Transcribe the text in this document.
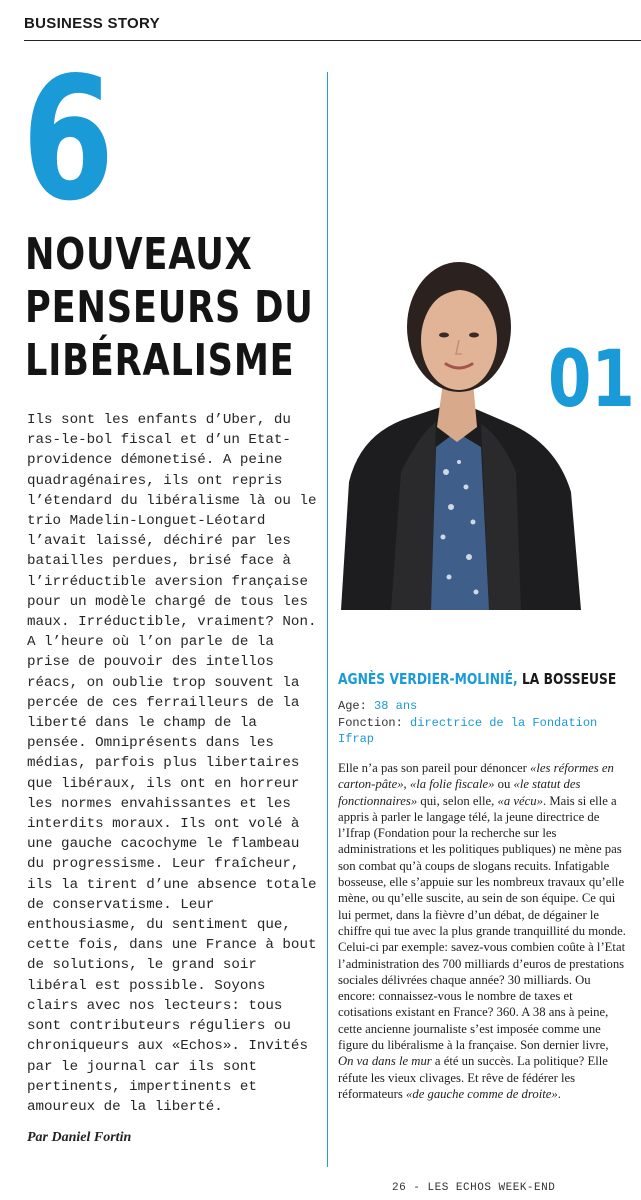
BUSINESS STORY
6
NOUVEAUX
PENSEURS DU
LIBÉRALISME
Ils sont les enfants d’Uber, du ras-le-bol fiscal et d’un Etat-providence démonetisé. A peine quadragénaires, ils ont repris l’étendard du libéralisme là ou le trio Madelin-Longuet-Léotard l’avait laissé, déchiré par les batailles perdues, brisé face à l’irréductible aversion française pour un modèle chargé de tous les maux. Irréductible, vraiment? Non. A l’heure où l’on parle de la prise de pouvoir des intellos réacs, on oublie trop souvent la percée de ces ferrailleurs de la liberté dans le champ de la pensée. Omniprésents dans les médias, parfois plus libertaires que libéraux, ils ont en horreur les normes envahissantes et les interdits moraux. Ils ont volé à une gauche cacochyme le flambeau du progressisme. Leur fraîcheur, ils la tirent d’une absence totale de conservatisme. Leur enthousiasme, du sentiment que, cette fois, dans une France à bout de solutions, le grand soir libéral est possible. Soyons clairs avec nos lecteurs: tous sont contributeurs réguliers ou chroniqueurs aux «Echos». Invités par le journal car ils sont pertinents, impertinents et amoureux de la liberté.
Par Daniel Fortin
01
AGNÈS VERDIER-MOLINIÉ, LA BOSSEUSE
Age: 38 ans
Fonction: directrice de la Fondation Ifrap
Elle n’a pas son pareil pour dénoncer «les réformes en carton-pâte», «la folie fiscale» ou «le statut des fonctionnaires» qui, selon elle, «a vécu». Mais si elle a appris à parler le langage télé, la jeune directrice de l’Ifrap (Fondation pour la recherche sur les administrations et les politiques publiques) ne mène pas son combat qu’à coups de slogans recuits. Infatigable bosseuse, elle s’appuie sur les nombreux travaux qu’elle mène, ou qu’elle suscite, au sein de son équipe. Ce qui lui permet, dans la fièvre d’un débat, de dégainer le chiffre qui tue avec la plus grande tranquillité du monde. Celui-ci par exemple: savez-vous combien coûte à l’Etat l’administration des 700 milliards d’euros de prestations sociales délivrées chaque année? 30 milliards. Ou encore: connaissez-vous le nombre de taxes et cotisations existant en France? 360. A 38 ans à peine, cette ancienne journaliste s’est imposée comme une figure du libéralisme à la française. Son dernier livre, On va dans le mur a été un succès. La politique? Elle réfute les vieux clivages. Et rêve de fédérer les réformateurs «de gauche comme de droite».
26 - LES ECHOS WEEK-END
